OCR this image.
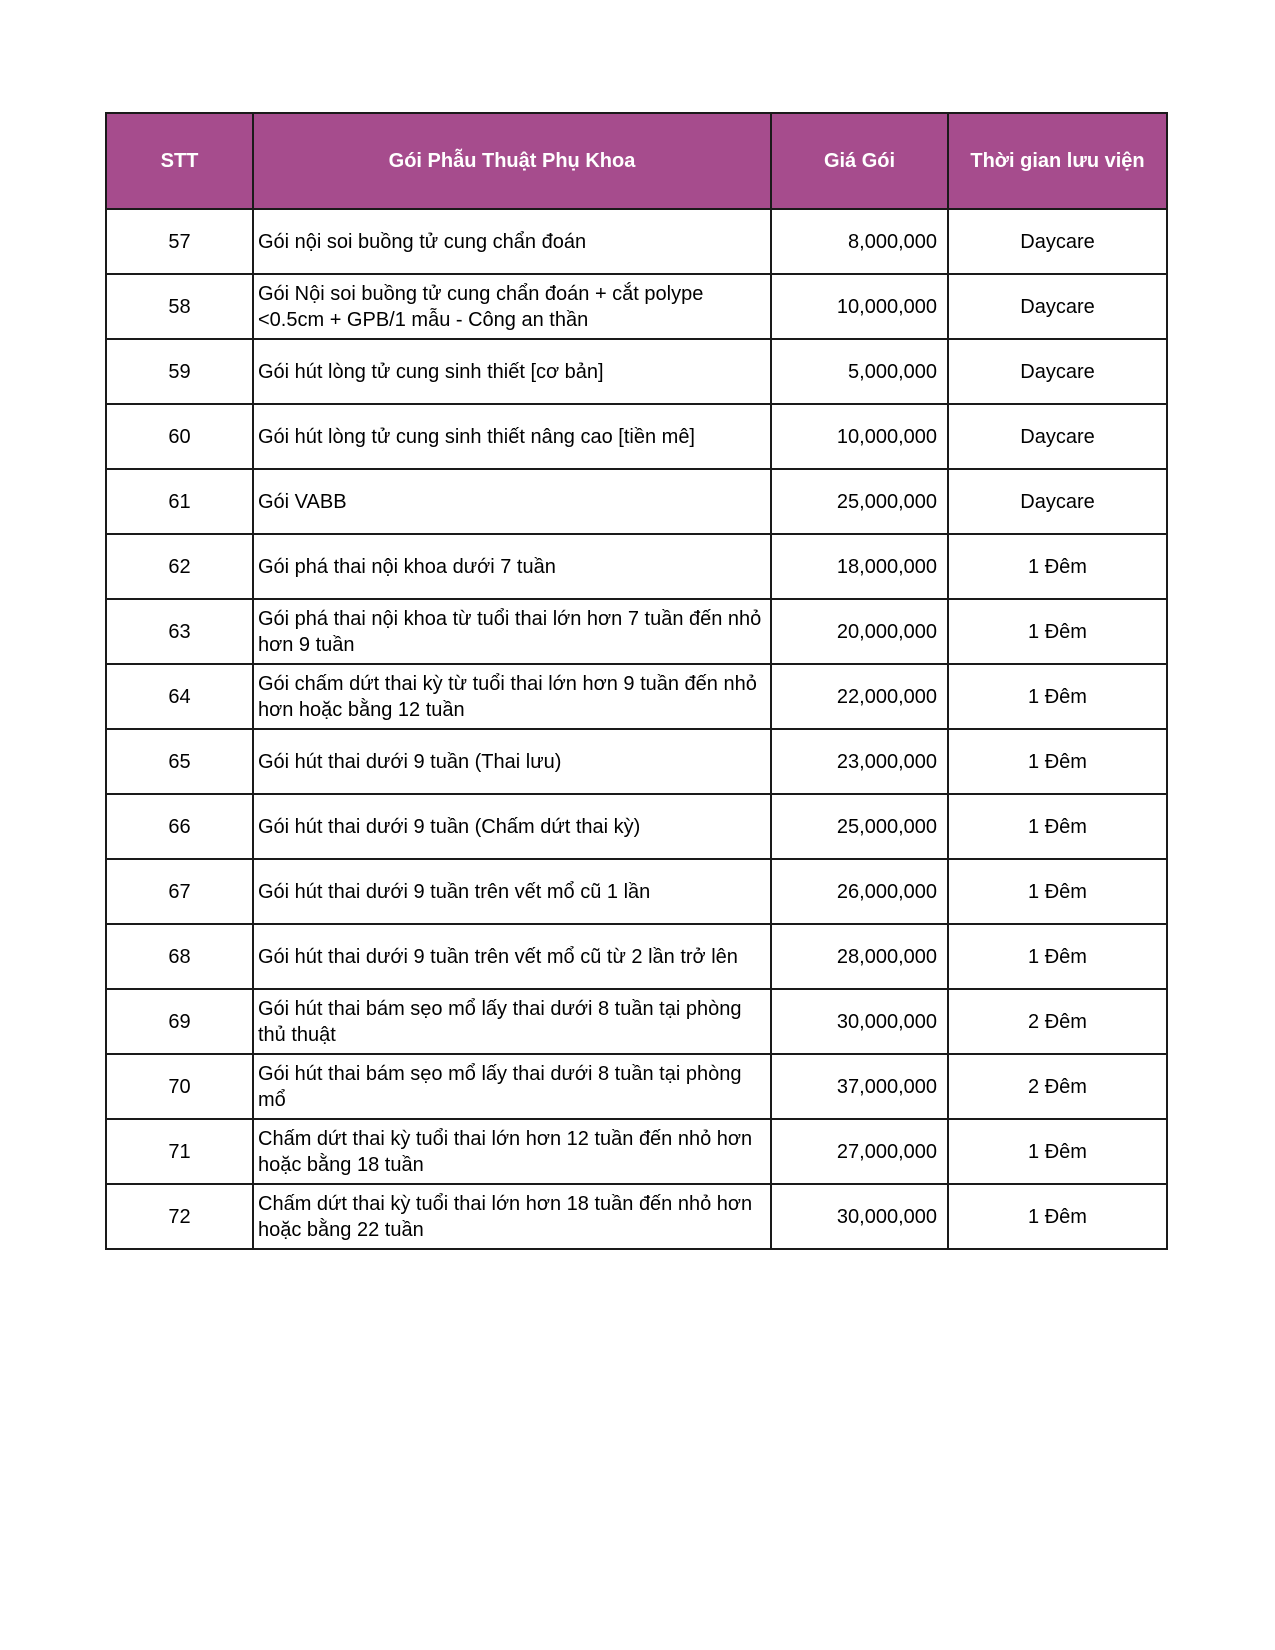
STT	Gói Phẫu Thuật Phụ Khoa	Giá Gói	Thời gian lưu viện
57	Gói nội soi buồng tử cung chẩn đoán	8,000,000	Daycare
58	Gói Nội soi buồng tử cung chẩn đoán + cắt polype <0.5cm + GPB/1 mẫu - Công an thần	10,000,000	Daycare
59	Gói hút lòng tử cung sinh thiết [cơ bản]	5,000,000	Daycare
60	Gói hút lòng tử cung sinh thiết nâng cao [tiền mê]	10,000,000	Daycare
61	Gói VABB	25,000,000	Daycare
62	Gói phá thai nội khoa dưới 7 tuần	18,000,000	1 Đêm
63	Gói phá thai nội khoa từ tuổi thai lớn hơn 7 tuần đến nhỏ hơn 9 tuần	20,000,000	1 Đêm
64	Gói chấm dứt thai kỳ từ tuổi thai lớn hơn 9 tuần đến nhỏ hơn hoặc bằng 12 tuần	22,000,000	1 Đêm
65	Gói hút thai dưới 9 tuần (Thai lưu)	23,000,000	1 Đêm
66	Gói hút thai dưới 9 tuần (Chấm dứt thai kỳ)	25,000,000	1 Đêm
67	Gói hút thai dưới 9 tuần trên vết mổ cũ 1 lần	26,000,000	1 Đêm
68	Gói hút thai dưới 9 tuần trên vết mổ cũ từ 2 lần trở lên	28,000,000	1 Đêm
69	Gói hút thai bám sẹo mổ lấy thai dưới 8 tuần tại phòng thủ thuật	30,000,000	2 Đêm
70	Gói hút thai bám sẹo mổ lấy thai dưới 8 tuần tại phòng mổ	37,000,000	2 Đêm
71	Chấm dứt thai kỳ tuổi thai lớn hơn 12 tuần đến nhỏ hơn hoặc bằng 18 tuần	27,000,000	1 Đêm
72	Chấm dứt thai kỳ tuổi thai lớn hơn 18 tuần đến nhỏ hơn hoặc bằng 22 tuần	30,000,000	1 Đêm
